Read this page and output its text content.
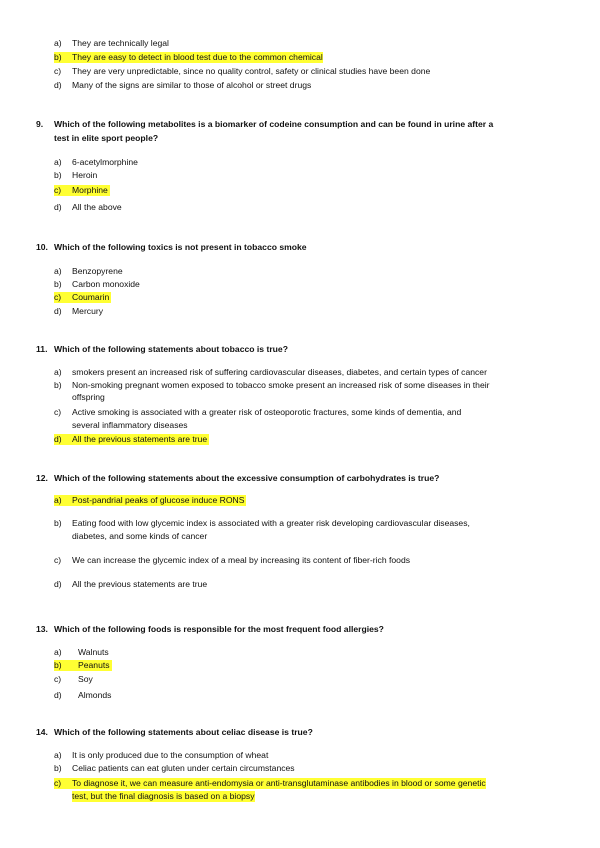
a)	They are technically legal
b)	They are easy to detect in blood test due to the common chemical
c)	They are very unpredictable, since no quality control, safety or clinical studies have been done
d)	Many of the signs are similar to those of alcohol or street drugs
9.	Which of the following metabolites is a biomarker of codeine consumption and can be found in urine after a
test in elite sport people?
a)	6-acetylmorphine
b)	Heroin
c)	Morphine
d)	All the above
10. Which of the following toxics is not present in tobacco smoke
a)	Benzopyrene
b)	Carbon monoxide
c)	Coumarin
d)	Mercury
11. Which of the following statements about tobacco is true?
a)	smokers present an increased risk of suffering cardiovascular diseases, diabetes, and certain types of cancer
b)	Non-smoking pregnant women exposed to tobacco smoke present an increased risk of some diseases in their
offspring
c)	Active smoking is associated with a greater risk of osteoporotic fractures, some kinds of dementia, and
several inflammatory diseases
d)	All the previous statements are true
12. Which of the following statements about the excessive consumption of carbohydrates is true?
a)	Post-pandrial peaks of glucose induce RONS
b)	Eating food with low glycemic index is associated with a greater risk developing cardiovascular diseases,
diabetes, and some kinds of cancer
c)	We can increase the glycemic index of a meal by increasing its content of fiber-rich foods
d)	All the previous statements are true
13. Which of the following foods is responsible for the most frequent food allergies?
a)	Walnuts
b)	Peanuts
c)	Soy
d)	Almonds
14. Which of the following statements about celiac disease is true?
a)	It is only produced due to the consumption of wheat
b)	Celiac patients can eat gluten under certain circumstances
c)	To diagnose it, we can measure anti-endomysia or anti-transglutaminase antibodies in blood or some genetic
test, but the final diagnosis is based on a biopsy
